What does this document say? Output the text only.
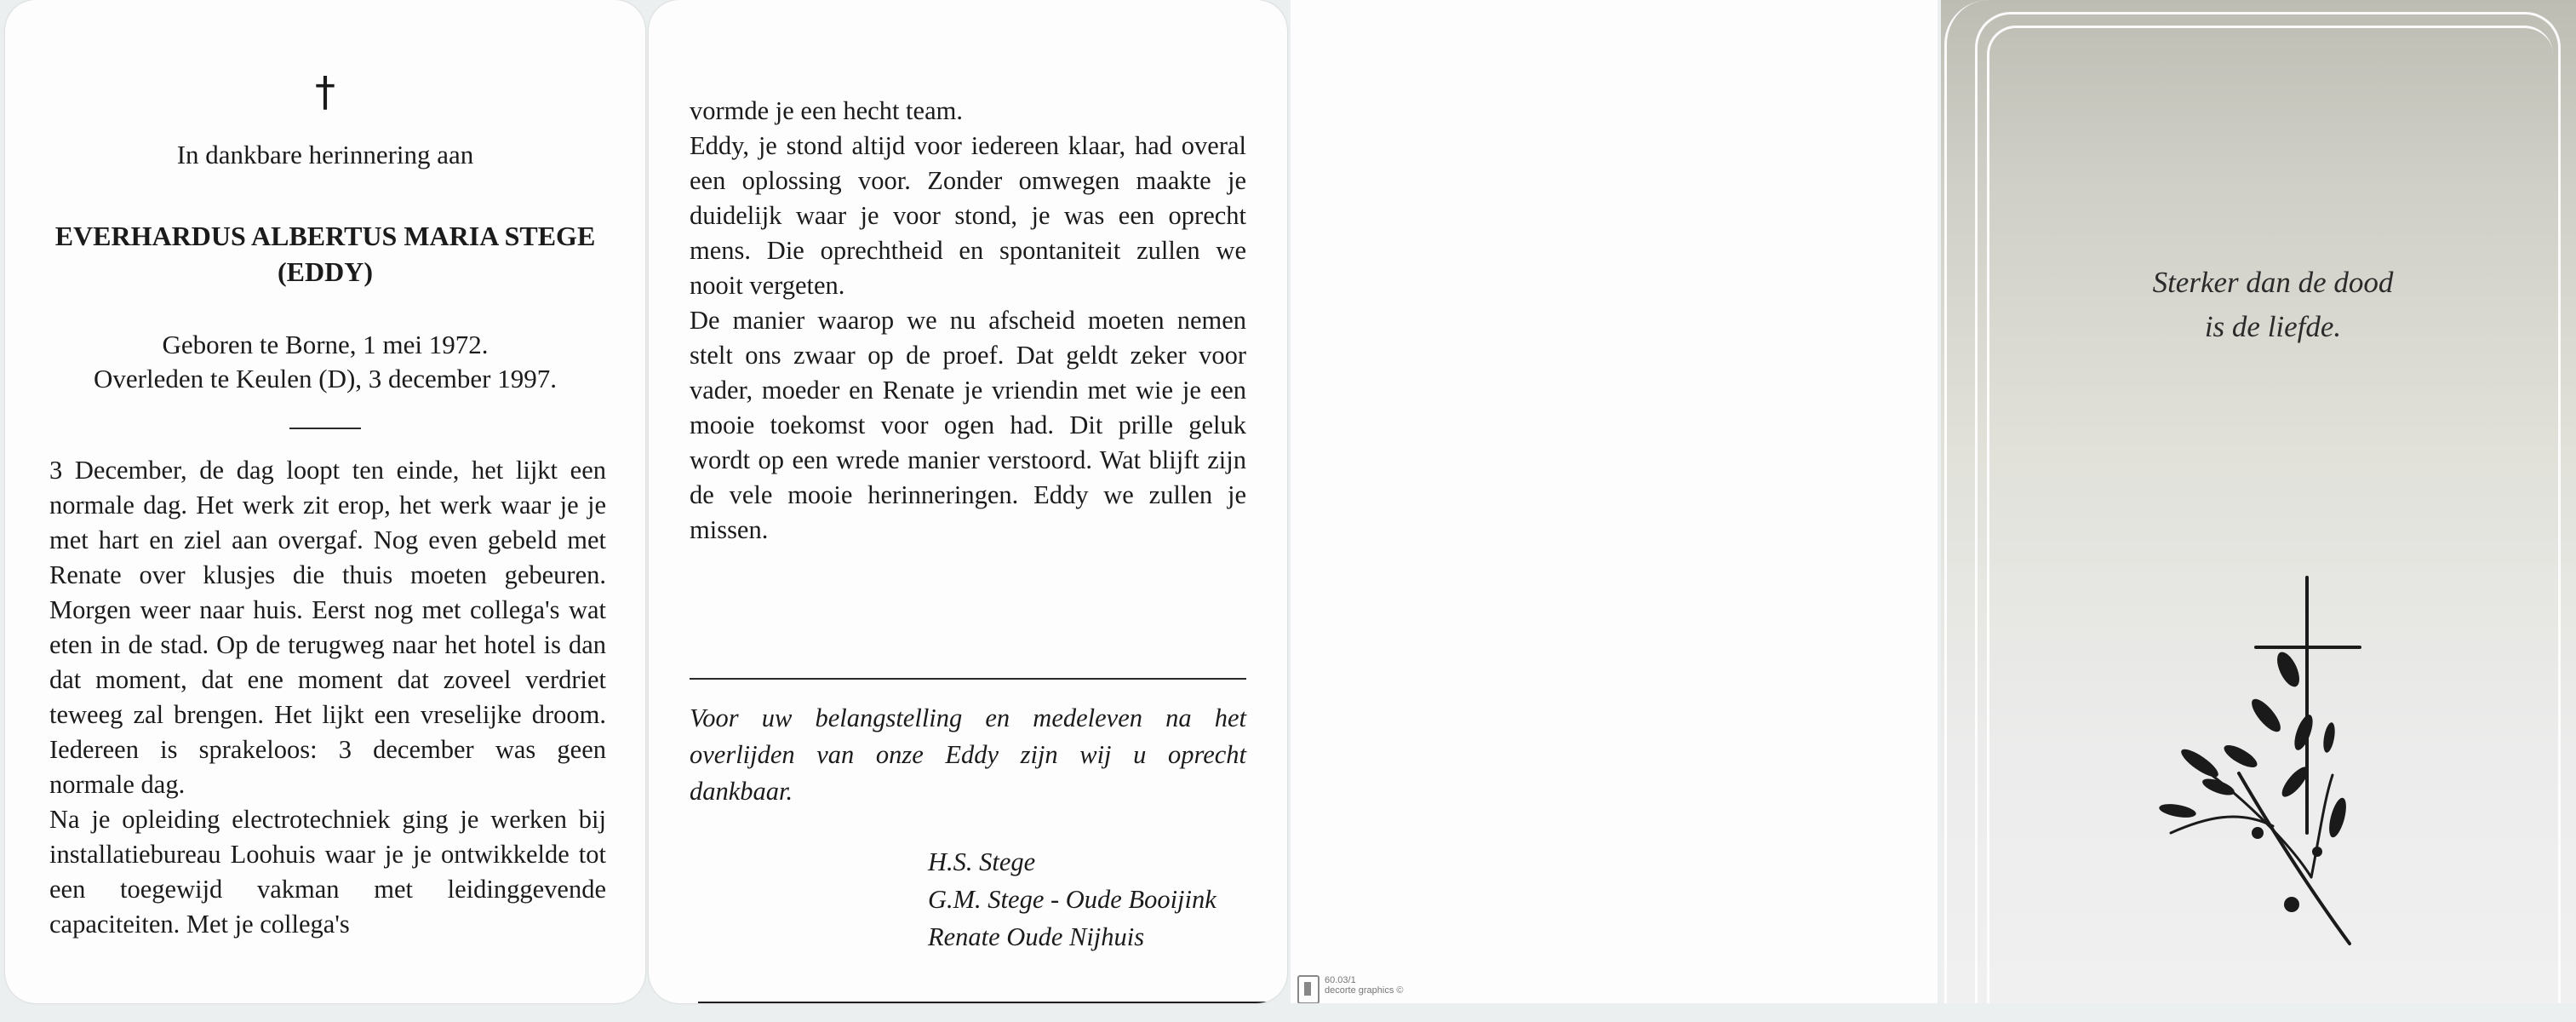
†
In dankbare herinnering aan
EVERHARDUS ALBERTUS MARIA STEGE
(EDDY)
Geboren te Borne, 1 mei 1972.
Overleden te Keulen (D), 3 december 1997.
3 December, de dag loopt ten einde, het lijkt een normale dag. Het werk zit erop, het werk waar je je met hart en ziel aan overgaf. Nog even gebeld met Renate over klusjes die thuis moeten gebeuren. Morgen weer naar huis. Eerst nog met collega's wat eten in de stad. Op de terugweg naar het hotel is dan dat moment, dat ene moment dat zoveel verdriet teweeg zal brengen. Het lijkt een vreselijke droom. Iedereen is sprakeloos: 3 december was geen normale dag.
Na je opleiding electrotechniek ging je werken bij installatiebureau Loohuis waar je je ontwikkelde tot een toegewijd vakman met leidinggevende capaciteiten. Met je collega's
vormde je een hecht team.
Eddy, je stond altijd voor iedereen klaar, had overal een oplossing voor. Zonder omwegen maakte je duidelijk waar je voor stond, je was een oprecht mens. Die oprechtheid en spontaniteit zullen we nooit vergeten.
De manier waarop we nu afscheid moeten nemen stelt ons zwaar op de proef. Dat geldt zeker voor vader, moeder en Renate je vriendin met wie je een mooie toekomst voor ogen had. Dit prille geluk wordt op een wrede manier verstoord. Wat blijft zijn de vele mooie herinneringen. Eddy we zullen je missen.
Voor uw belangstelling en medeleven na het overlijden van onze Eddy zijn wij u oprecht dankbaar.
H.S. Stege
G.M. Stege - Oude Booijink
Renate Oude Nijhuis
60.03/1
decorte graphics ©
Sterker dan de dood
is de liefde.
